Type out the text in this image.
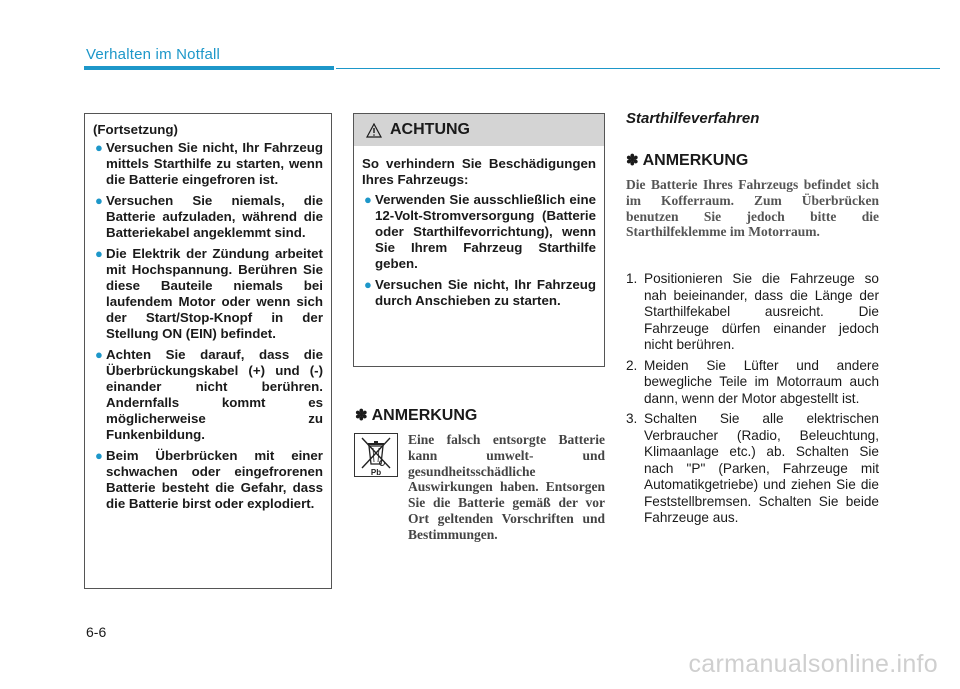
Verhalten im Notfall

(Fortsetzung)

● Versuchen Sie nicht, Ihr Fahrzeug mittels Starthilfe zu starten, wenn die Batterie eingefroren ist.
● Versuchen Sie niemals, die Batterie aufzuladen, während die Batteriekabel angeklemmt sind.
● Die Elektrik der Zündung arbeitet mit Hochspannung. Berühren Sie diese Bauteile niemals bei laufendem Motor oder wenn sich der Start/Stop-Knopf in der Stellung ON (EIN) befindet.
● Achten Sie darauf, dass die Überbrückungskabel (+) und (-) einander nicht berühren. Andernfalls kommt es möglicherweise zu Funkenbildung.
● Beim Überbrücken mit einer schwachen oder eingefrorenen Batterie besteht die Gefahr, dass die Batterie birst oder explodiert.
ACHTUNG

So verhindern Sie Beschädigungen Ihres Fahrzeugs:

● Verwenden Sie ausschließlich eine 12-Volt-Stromversorgung (Batterie oder Starthilfevorrichtung), wenn Sie Ihrem Fahrzeug Starthilfe geben.
● Versuchen Sie nicht, Ihr Fahrzeug durch Anschieben zu starten.
✽ ANMERKUNG
Pb
Eine falsch entsorgte Batterie kann umwelt- und gesundheitsschädliche Auswirkungen haben. Entsorgen Sie die Batterie gemäß der vor Ort geltenden Vorschriften und Bestimmungen.
Starthilfeverfahren
✽ ANMERKUNG
Die Batterie Ihres Fahrzeugs befindet sich im Kofferraum. Zum Überbrücken benutzen Sie jedoch bitte die Starthilfeklemme im Motorraum.
1. Positionieren Sie die Fahrzeuge so nah beieinander, dass die Länge der Starthilfekabel ausreicht. Die Fahrzeuge dürfen einander jedoch nicht berühren.
2. Meiden Sie Lüfter und andere bewegliche Teile im Motorraum auch dann, wenn der Motor abgestellt ist.
3. Schalten Sie alle elektrischen Verbraucher (Radio, Beleuchtung, Klimaanlage etc.) ab. Schalten Sie nach "P" (Parken, Fahrzeuge mit Automatikgetriebe) und ziehen Sie die Feststellbremsen. Schalten Sie beide Fahrzeuge aus.
6-6
carmanualsonline.info
